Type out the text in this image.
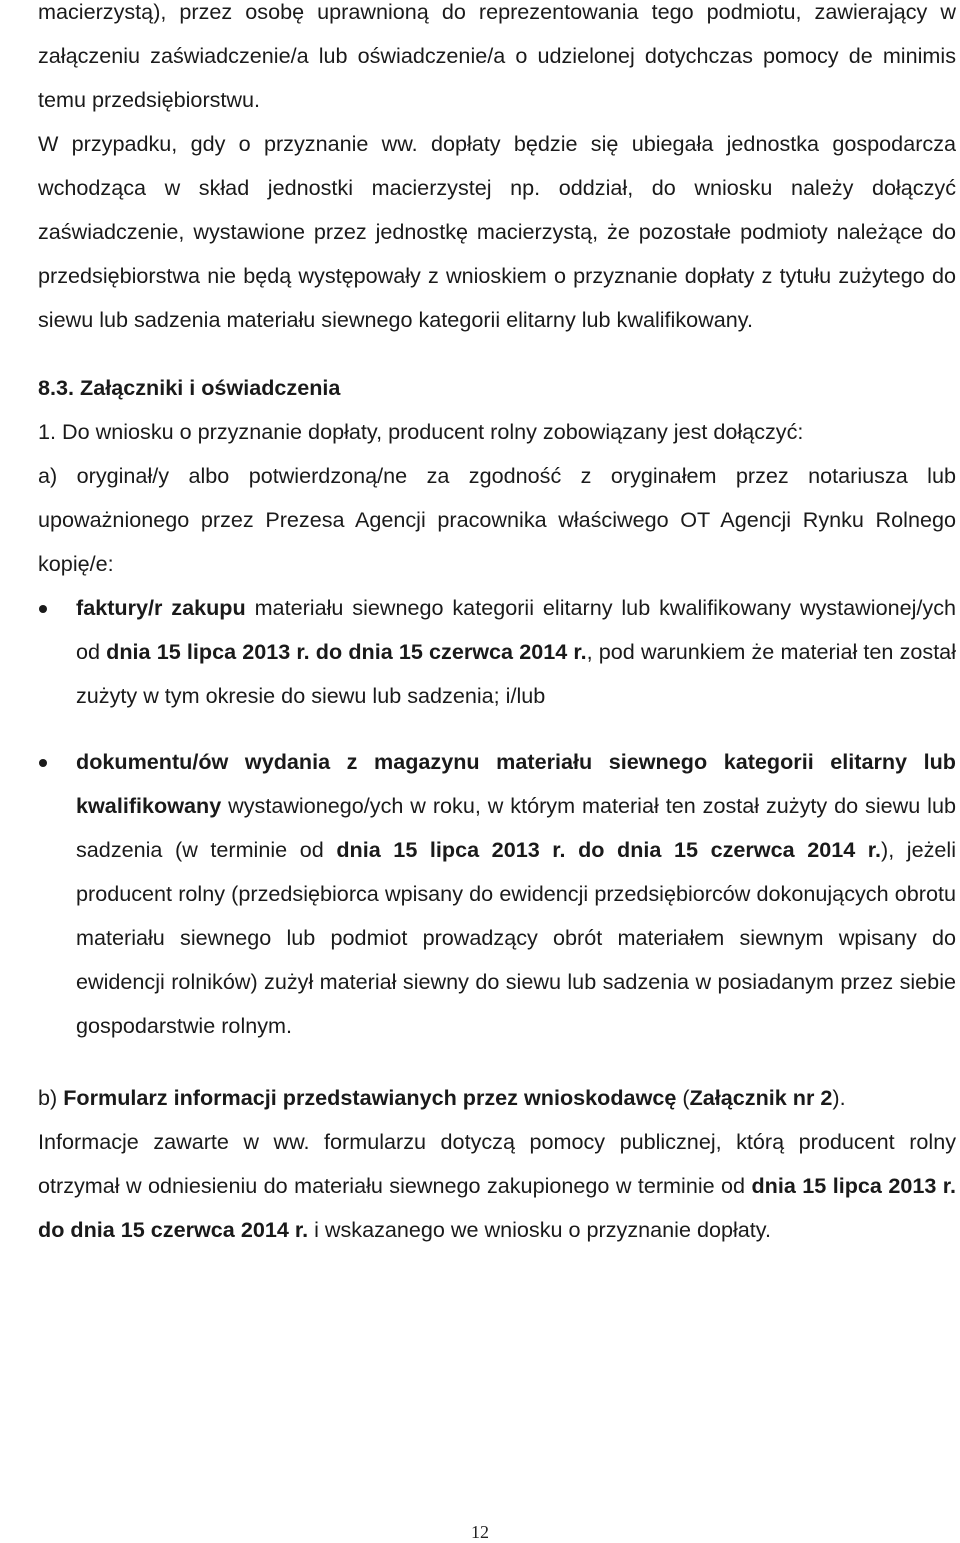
macierzystą), przez osobę uprawnioną do reprezentowania tego podmiotu, zawierający w załączeniu zaświadczenie/a lub oświadczenie/a o udzielonej dotychczas pomocy de minimis temu przedsiębiorstwu.

W przypadku, gdy o przyznanie ww. dopłaty będzie się ubiegała jednostka gospodarcza wchodząca w skład jednostki macierzystej np. oddział, do wniosku należy dołączyć zaświadczenie, wystawione przez jednostkę macierzystą, że pozostałe podmioty należące do przedsiębiorstwa nie będą występowały z wnioskiem o przyznanie dopłaty z tytułu zużytego do siewu lub sadzenia materiału siewnego kategorii elitarny lub kwalifikowany.

8.3. Załączniki i oświadczenia

1. Do wniosku o przyznanie dopłaty, producent rolny zobowiązany jest dołączyć:

a) oryginał/y albo potwierdzoną/ne za zgodność z oryginałem przez notariusza lub upoważnionego przez Prezesa Agencji pracownika właściwego OT Agencji Rynku Rolnego kopię/e:

faktury/r zakupu materiału siewnego kategorii elitarny lub kwalifikowany wystawionej/ych od dnia 15 lipca 2013 r. do dnia 15 czerwca 2014 r., pod warunkiem że materiał ten został zużyty w tym okresie do siewu lub sadzenia; i/lub

dokumentu/ów wydania z magazynu materiału siewnego kategorii elitarny lub kwalifikowany wystawionego/ych w roku, w którym materiał ten został zużyty do siewu lub sadzenia (w terminie od dnia 15 lipca 2013 r. do dnia 15 czerwca 2014 r.), jeżeli producent rolny (przedsiębiorca wpisany do ewidencji przedsiębiorców dokonujących obrotu materiału siewnego lub podmiot prowadzący obrót materiałem siewnym wpisany do ewidencji rolników) zużył materiał siewny do siewu lub sadzenia w posiadanym przez siebie gospodarstwie rolnym.

b) Formularz informacji przedstawianych przez wnioskodawcę (Załącznik nr 2).

Informacje zawarte w ww. formularzu dotyczą pomocy publicznej, którą producent rolny otrzymał w odniesieniu do materiału siewnego zakupionego w terminie od dnia 15 lipca 2013 r. do dnia 15 czerwca 2014 r. i wskazanego we wniosku o przyznanie dopłaty.

12
